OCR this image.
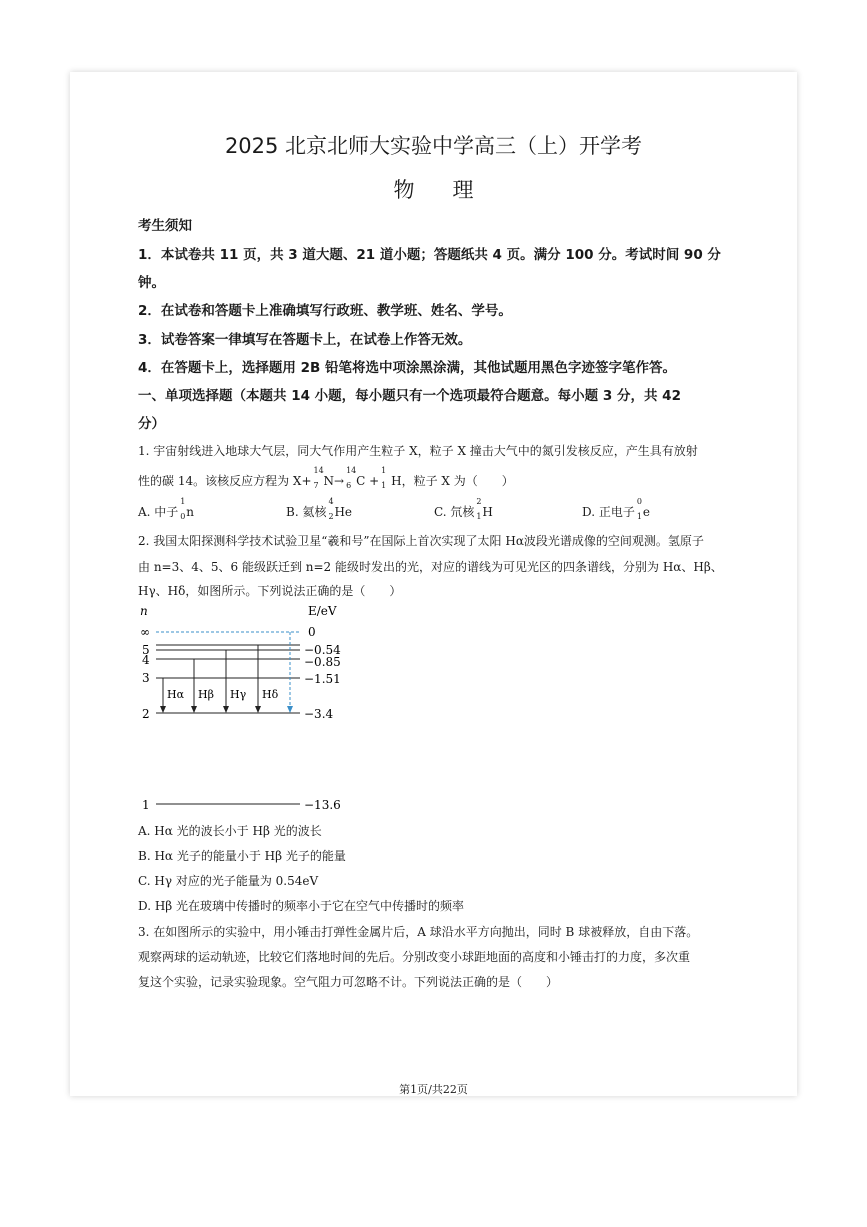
2025 北京北师大实验中学高三（上）开学考
物理
考生须知
1．本试卷共 11 页，共 3 道大题、21 道小题；答题纸共 4 页。满分 100 分。考试时间 90 分
钟。
2．在试卷和答题卡上准确填写行政班、教学班、姓名、学号。
3．试卷答案一律填写在答题卡上，在试卷上作答无效。
4．在答题卡上，选择题用 2B 铅笔将选中项涂黑涂满，其他试题用黑色字迹签字笔作答。
一、单项选择题（本题共 14 小题，每小题只有一个选项最符合题意。每小题 3 分，共 42
分）
1. 宇宙射线进入地球大气层，同大气作用产生粒子 X，粒子 X 撞击大气中的氮引发核反应，产生具有放射
性的碳 14。该核反应方程为 X+
14
7 N→
14
6 C +
1
1 H，粒子 X 为（　　）
A. 中子
1
0 n	B. 氦核
4
2 He	C. 氘核
2
1 H	D. 正电子
0
1 e
2. 我国太阳探测科学技术试验卫星“羲和号”在国际上首次实现了太阳 Hα波段光谱成像的空间观测。氢原子
由 n=3、4、5、6 能级跃迁到 n=2 能级时发出的光，对应的谱线为可见光区的四条谱线，分别为 Hα、Hβ、
Hγ、Hδ，如图所示。下列说法正确的是（　　）
n	E/eV
Hα Hβ Hγ Hδ
∞
5
4
3
2
1
0
−0.54
−0.85
−1.51
−3.4
−13.6
A. Hα 光的波长小于 Hβ 光的波长
B. Hα 光子的能量小于 Hβ 光子的能量
C. Hγ 对应的光子能量为 0.54eV
D. Hβ 光在玻璃中传播时的频率小于它在空气中传播时的频率
3. 在如图所示的实验中，用小锤击打弹性金属片后，A 球沿水平方向抛出，同时 B 球被释放，自由下落。
观察两球的运动轨迹，比较它们落地时间的先后。分别改变小球距地面的高度和小锤击打的力度，多次重
复这个实验，记录实验现象。空气阻力可忽略不计。下列说法正确的是（　　）
第1页/共22页
